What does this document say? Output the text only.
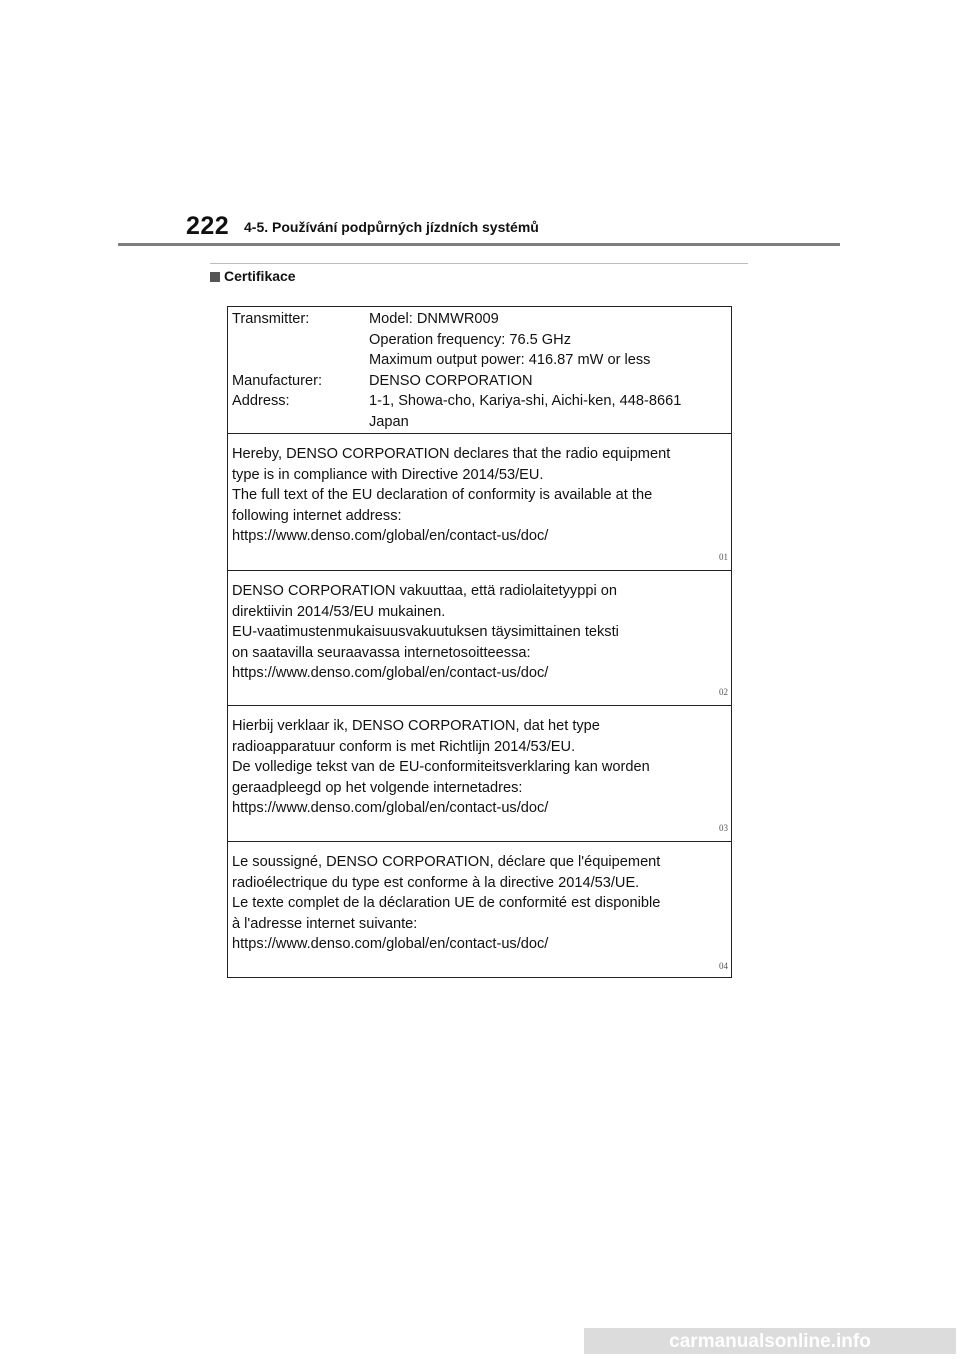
222 4-5. Používání podpůrných jízdních systémů
Certifikace
Transmitter:	Model: DNMWR009
Operation frequency: 76.5 GHz
Maximum output power: 416.87 mW or less
Manufacturer:	DENSO CORPORATION
Address:	1-1, Showa-cho, Kariya-shi, Aichi-ken, 448-8661
Japan
Hereby, DENSO CORPORATION declares that the radio equipment
type is in compliance with Directive 2014/53/EU.
The full text of the EU declaration of conformity is available at the
following internet address:
https://www.denso.com/global/en/contact-us/doc/
01
DENSO CORPORATION vakuuttaa, että radiolaitetyyppi on
direktiivin 2014/53/EU mukainen.
EU-vaatimustenmukaisuusvakuutuksen täysimittainen teksti
on saatavilla seuraavassa internetosoitteessa:
https://www.denso.com/global/en/contact-us/doc/
02
Hierbij verklaar ik, DENSO CORPORATION, dat het type
radioapparatuur conform is met Richtlijn 2014/53/EU.
De volledige tekst van de EU-conformiteitsverklaring kan worden
geraadpleegd op het volgende internetadres:
https://www.denso.com/global/en/contact-us/doc/
03
Le soussigné, DENSO CORPORATION, déclare que l'équipement
radioélectrique du type est conforme à la directive 2014/53/UE.
Le texte complet de la déclaration UE de conformité est disponible
à l'adresse internet suivante:
https://www.denso.com/global/en/contact-us/doc/
04
carmanualsonline.info
